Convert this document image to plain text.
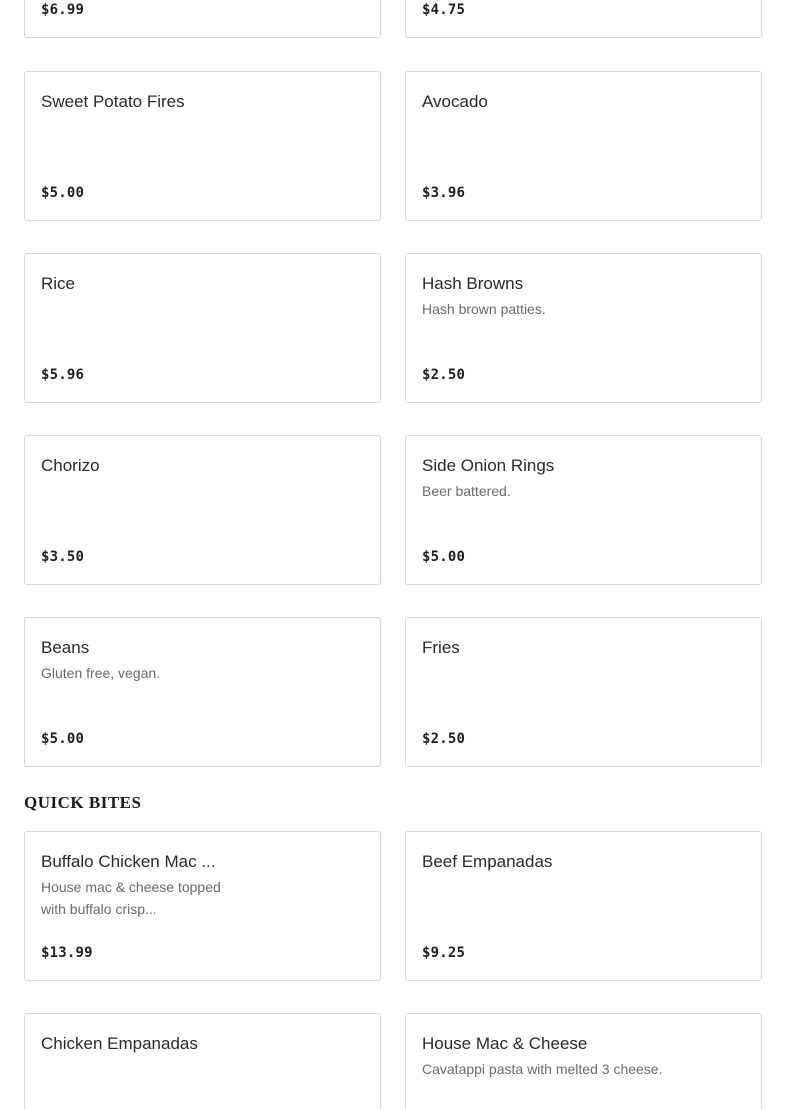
$6.99	$4.75
Sweet Potato Fires
$5.00
Avocado
$3.96
Rice
$5.96
Hash Browns
Hash brown patties.
$2.50
Chorizo
$3.50
Side Onion Rings
Beer battered.
$5.00
Beans
Gluten free, vegan.
$5.00
Fries
$2.50
QUICK BITES
Buffalo Chicken Mac ...
House mac & cheese topped with buffalo crisp...
$13.99
Beef Empanadas
$9.25
Chicken Empanadas	House Mac & Cheese
Cavatappi pasta with melted 3 cheese.
